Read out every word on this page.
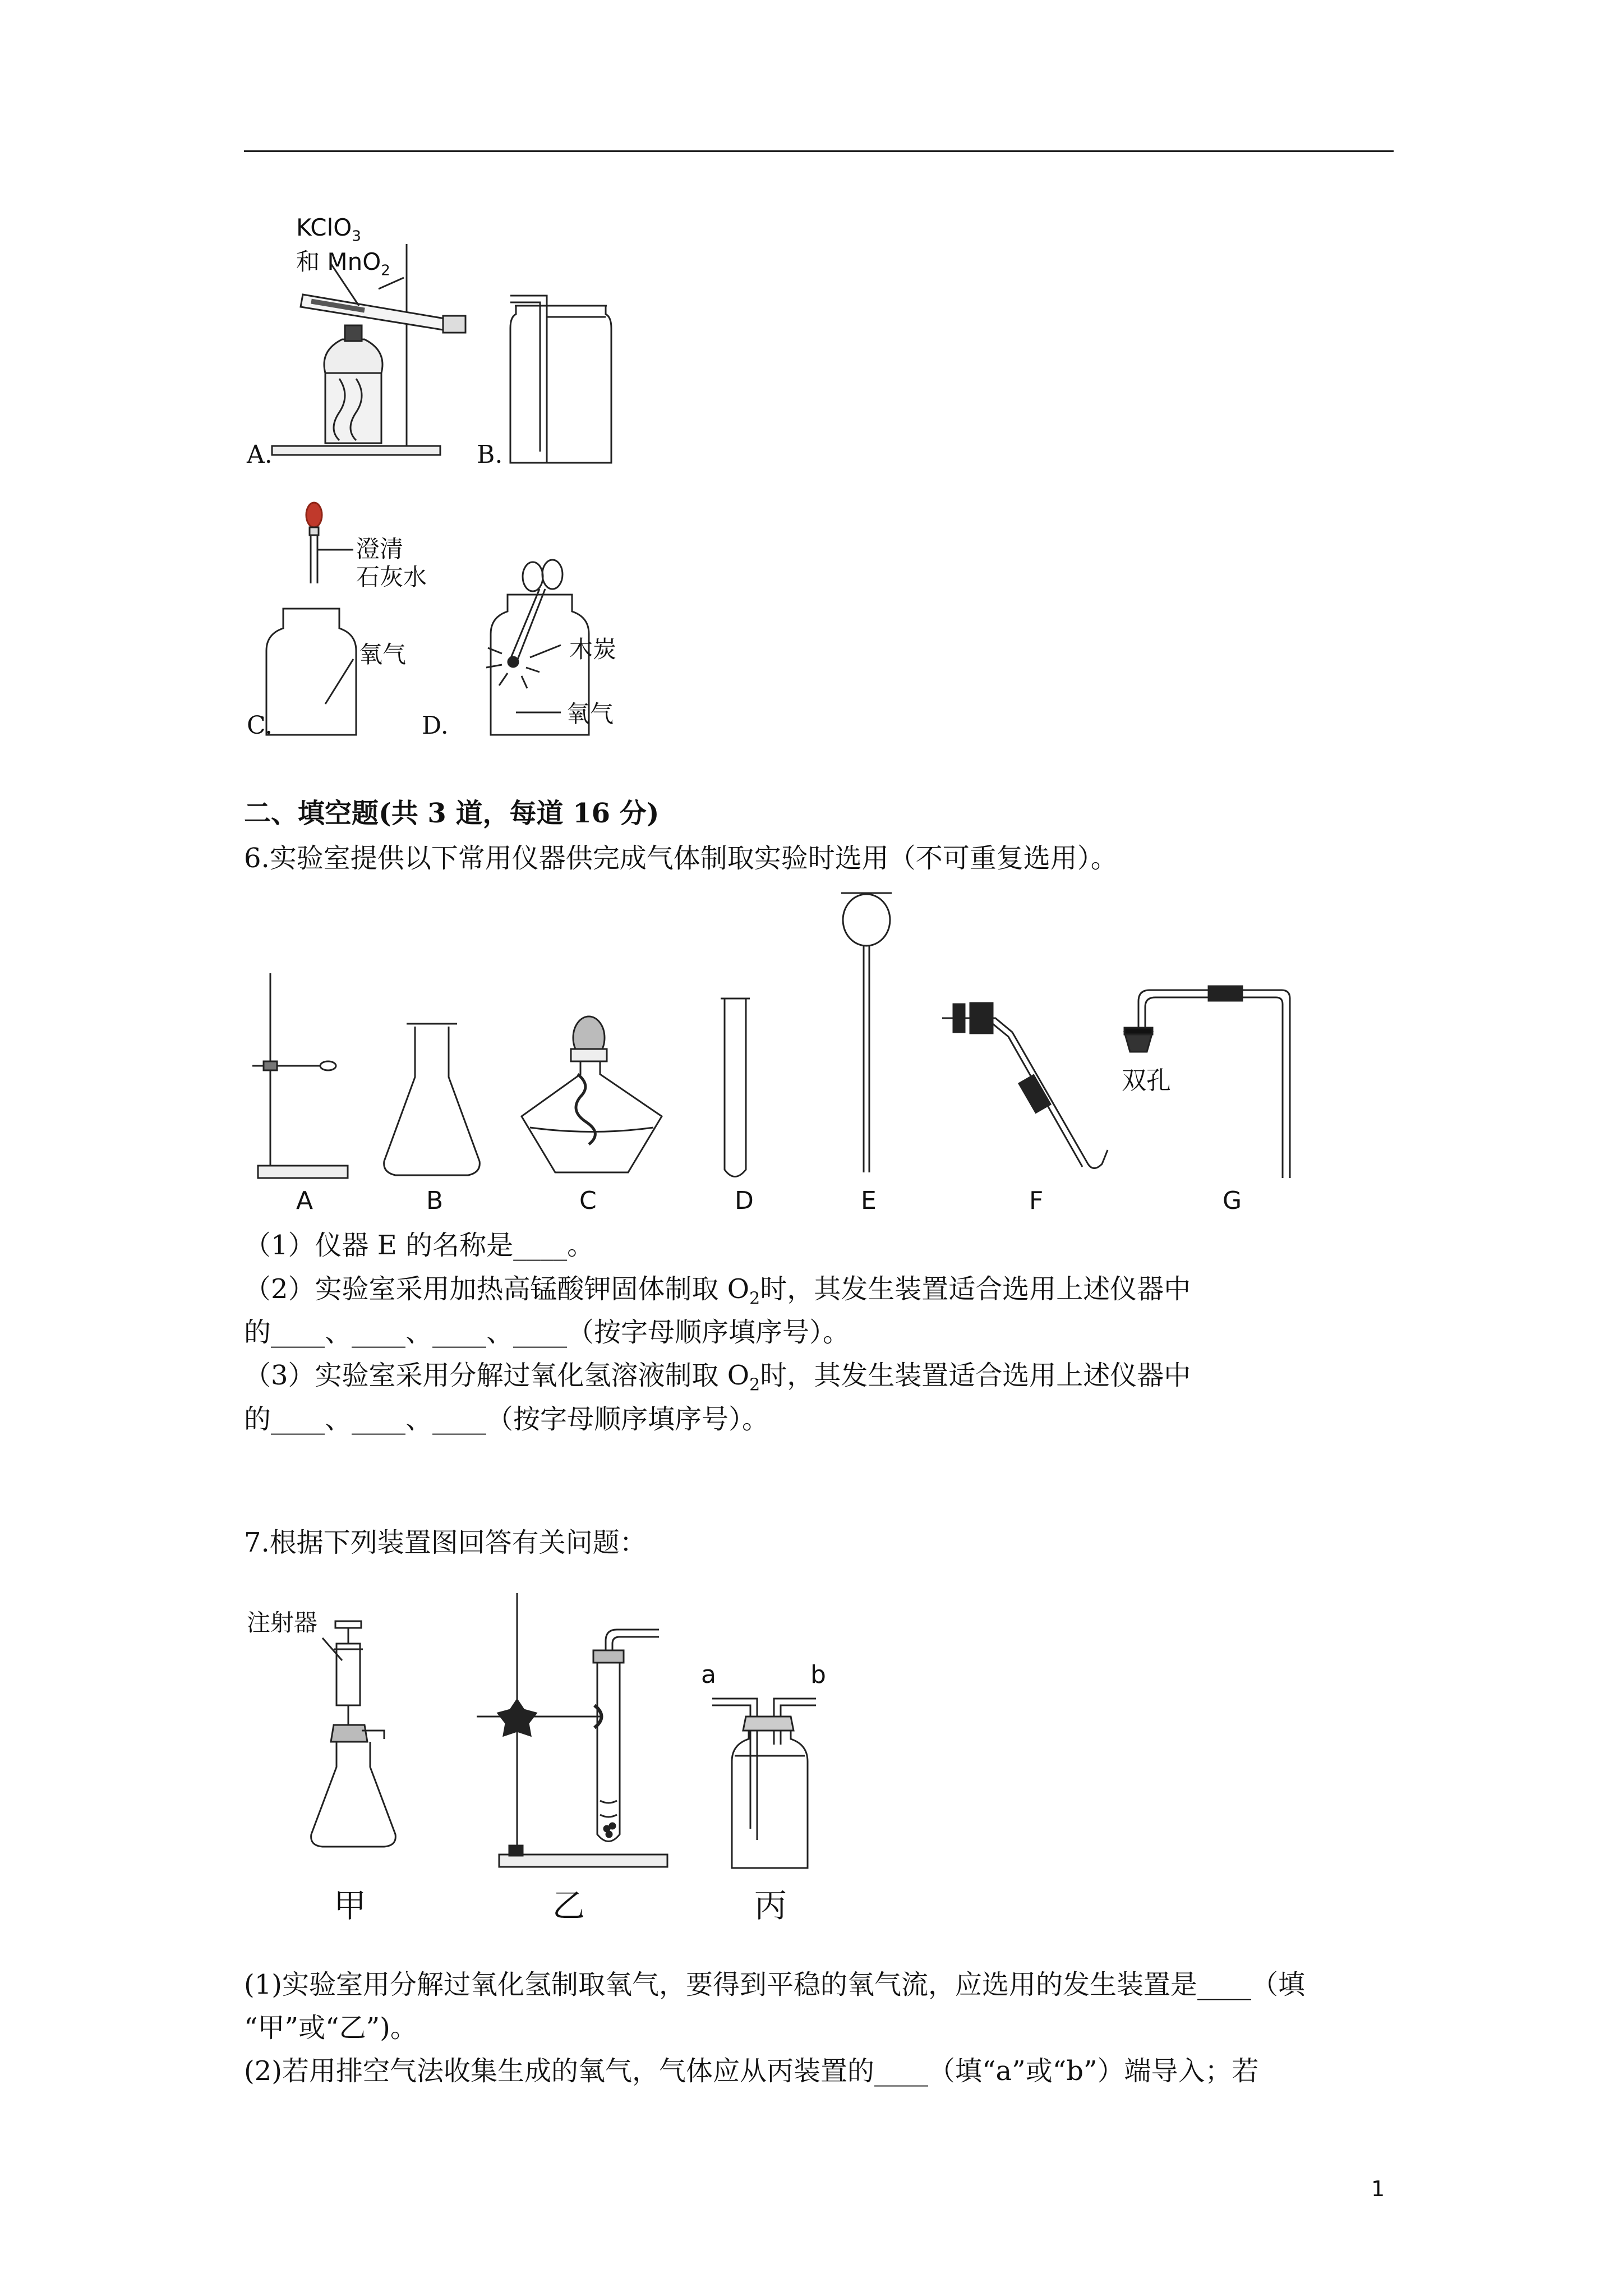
KClO$_3$
和 MnO$_2$
A.	B.
澄清
石灰水
氧气
C.
木炭
氧气
D.
二、填空题(共 3 道，每道 16 分)
6.实验室提供以下常用仪器供完成气体制取实验时选用（不可重复选用）。
双孔
A	B	C	D	E	F	G
（1）仪器 E 的名称是____。
（2）实验室采用加热高锰酸钾固体制取 $O_2$时，其发生装置适合选用上述仪器中
的____、____、____、____（按字母顺序填序号）。
（3）实验室采用分解过氧化氢溶液制取 $O_2$时，其发生装置适合选用上述仪器中
的____、____、____（按字母顺序填序号）。
7.根据下列装置图回答有关问题：
注射器
甲	乙
a	b
丙
(1)实验室用分解过氧化氢制取氧气，要得到平稳的氧气流，应选用的发生装置是____（填
“甲”或“乙”)。
(2)若用排空气法收集生成的氧气，气体应从丙装置的____（填“a”或“b”）端导入；若
1
